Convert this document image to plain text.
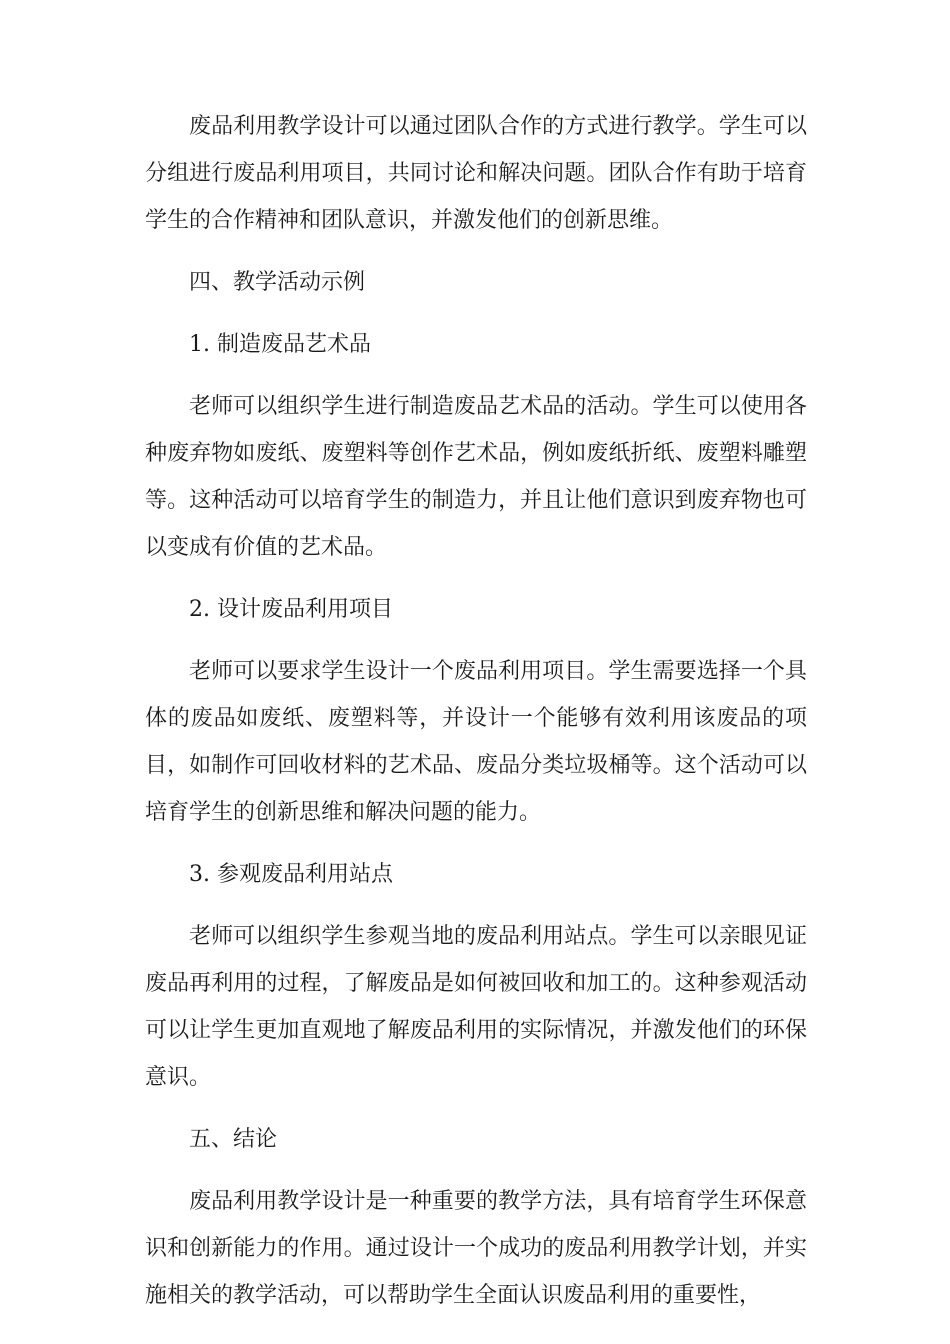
废品利用教学设计可以通过团队合作的方式进行教学。学生可以分组进行废品利用项目，共同讨论和解决问题。团队合作有助于培育学生的合作精神和团队意识，并激发他们的创新思维。

四、教学活动示例

1. 制造废品艺术品

老师可以组织学生进行制造废品艺术品的活动。学生可以使用各种废弃物如废纸、废塑料等创作艺术品，例如废纸折纸、废塑料雕塑等。这种活动可以培育学生的制造力，并且让他们意识到废弃物也可以变成有价值的艺术品。

2. 设计废品利用项目

老师可以要求学生设计一个废品利用项目。学生需要选择一个具体的废品如废纸、废塑料等，并设计一个能够有效利用该废品的项目，如制作可回收材料的艺术品、废品分类垃圾桶等。这个活动可以培育学生的创新思维和解决问题的能力。

3. 参观废品利用站点

老师可以组织学生参观当地的废品利用站点。学生可以亲眼见证废品再利用的过程，了解废品是如何被回收和加工的。这种参观活动可以让学生更加直观地了解废品利用的实际情况，并激发他们的环保意识。

五、结论

废品利用教学设计是一种重要的教学方法，具有培育学生环保意识和创新能力的作用。通过设计一个成功的废品利用教学计划，并实施相关的教学活动，可以帮助学生全面认识废品利用的重要性，
